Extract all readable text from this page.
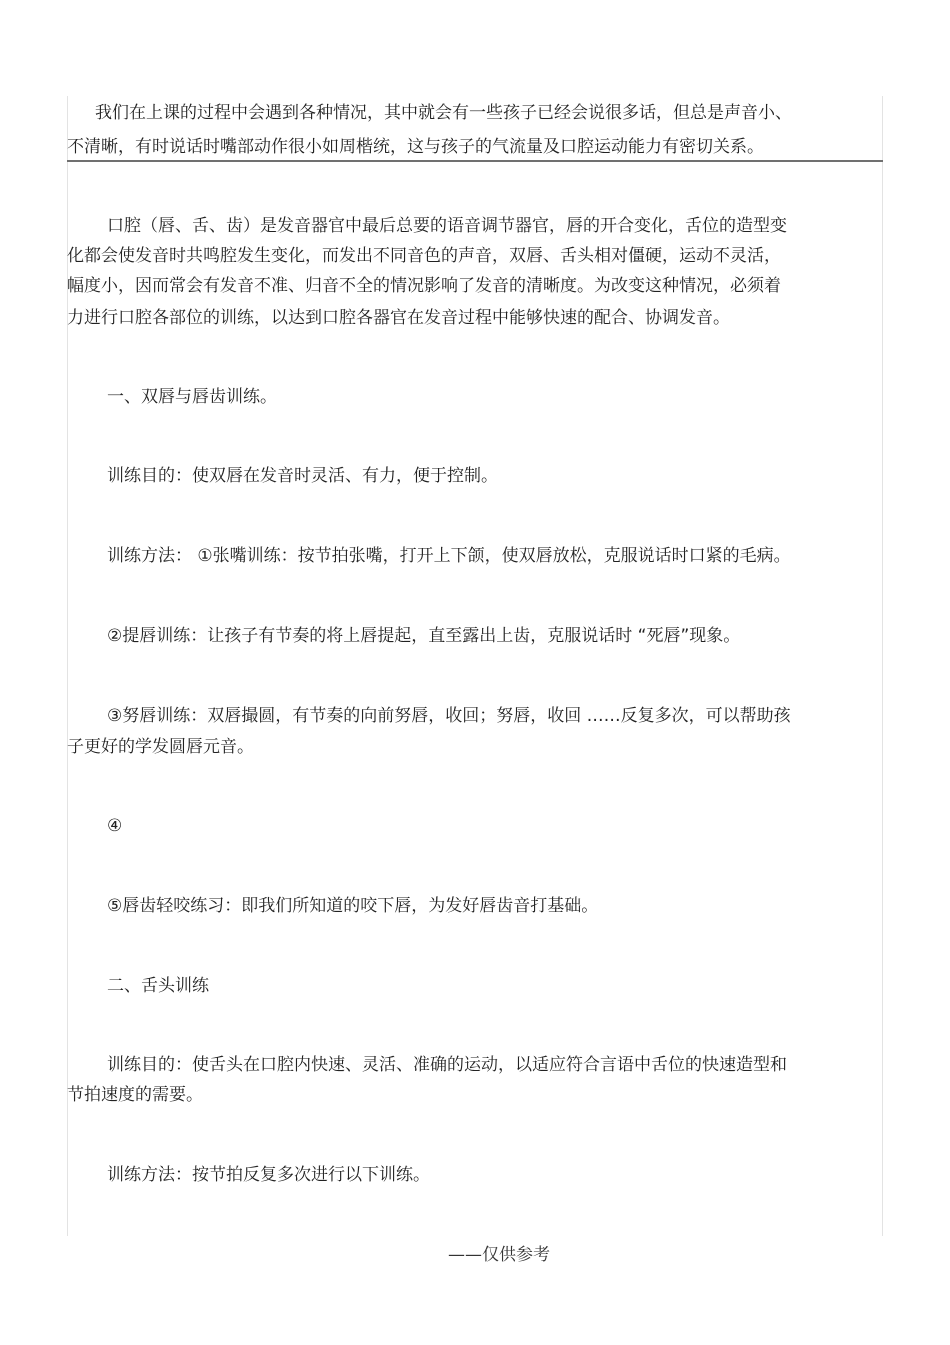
我们在上课的过程中会遇到各种情况，其中就会有一些孩子已经会说很多话，但总是声音小、
不清晰，有时说话时嘴部动作很小如周楷统，这与孩子的气流量及口腔运动能力有密切关系。
口腔（唇、舌、齿）是发音器官中最后总要的语音调节器官，唇的开合变化，舌位的造型变
化都会使发音时共鸣腔发生变化，而发出不同音色的声音，双唇、舌头相对僵硬，运动不灵活，
幅度小，因而常会有发音不准、归音不全的情况影响了发音的清晰度。为改变这种情况，必须着
力进行口腔各部位的训练，以达到口腔各器官在发音过程中能够快速的配合、协调发音。
一、双唇与唇齿训练。
训练目的：使双唇在发音时灵活、有力，便于控制。
训练方法： ①张嘴训练：按节拍张嘴，打开上下颌，使双唇放松，克服说话时口紧的毛病。
②提唇训练：让孩子有节奏的将上唇提起，直至露出上齿，克服说话时 “死唇”现象。
③努唇训练：双唇撮圆，有节奏的向前努唇，收回；努唇，收回 ……反复多次，可以帮助孩
子更好的学发圆唇元音。
④
⑤唇齿轻咬练习：即我们所知道的咬下唇，为发好唇齿音打基础。
二、舌头训练
训练目的：使舌头在口腔内快速、灵活、准确的运动，以适应符合言语中舌位的快速造型和
节拍速度的需要。
训练方法：按节拍反复多次进行以下训练。
——仅供参考
